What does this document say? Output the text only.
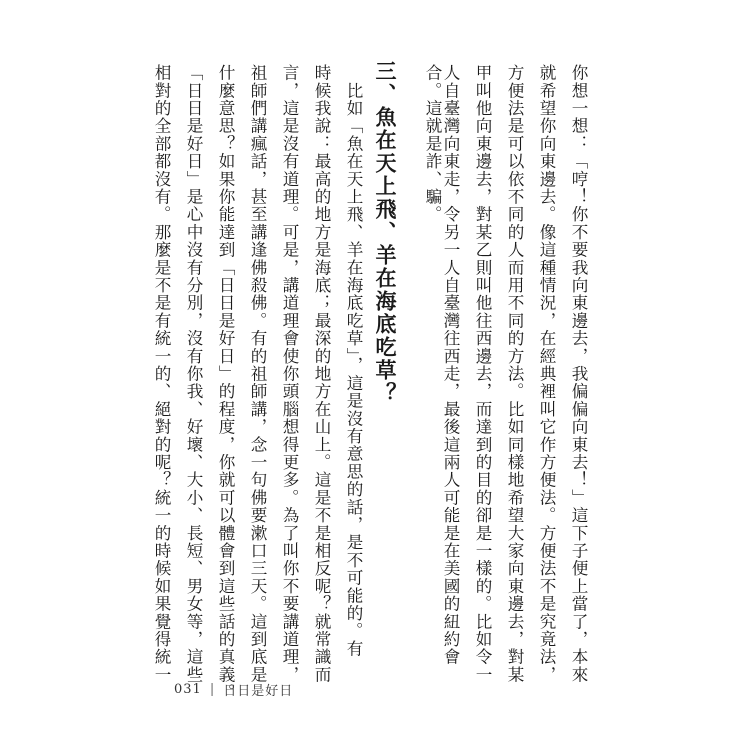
你想一想：「哼！你不要我向東邊去，我偏偏向東去！」這下子便上當了，本來
就希望你向東邊去。像這種情況，在經典裡叫它作方便法。方便法不是究竟法，
方便法是可以依不同的人而用不同的方法。比如同樣地希望大家向東邊去，對某
甲叫他向東邊去，對某乙則叫他往西邊去，而達到的目的卻是一樣的。比如令一
人自臺灣向東走，令另一人自臺灣往西走，最後這兩人可能是在美國的紐約會
合。這就是詐、騙。
三、魚在天上飛、羊在海底吃草？
　比如「魚在天上飛、羊在海底吃草」，這是沒有意思的話，是不可能的。有
時候我說：最高的地方是海底；最深的地方在山上。這是不是相反呢？就常識而
言，這是沒有道理。可是，講道理會使你頭腦想得更多。為了叫你不要講道理，
祖師們講瘋話，甚至講逢佛殺佛。有的祖師講，念一句佛要漱口三天。這到底是
什麼意思？如果你能達到「日日是好日」的程度，你就可以體會到這些話的真義。
「日日是好日」是心中沒有分別，沒有你我、好壞、大小、長短、男女等，這些
相對的全部都沒有。那麼是不是有統一的、絕對的呢？統一的時候如果覺得統一
031 | 日日是好日
